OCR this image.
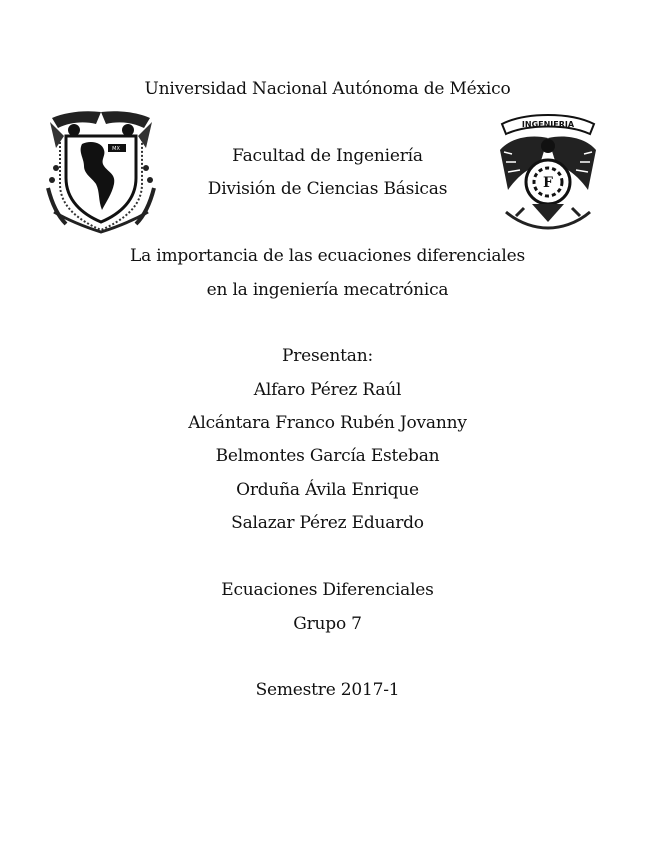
MX
INGENIERIA
F
Universidad Nacional Autónoma de México
Facultad de Ingeniería
División de Ciencias Básicas
La importancia de las ecuaciones diferenciales
en la ingeniería mecatrónica
Presentan:
Alfaro Pérez Raúl
Alcántara Franco Rubén Jovanny
Belmontes García Esteban
Orduña Ávila Enrique
Salazar Pérez Eduardo
Ecuaciones Diferenciales
Grupo 7
Semestre 2017-1
